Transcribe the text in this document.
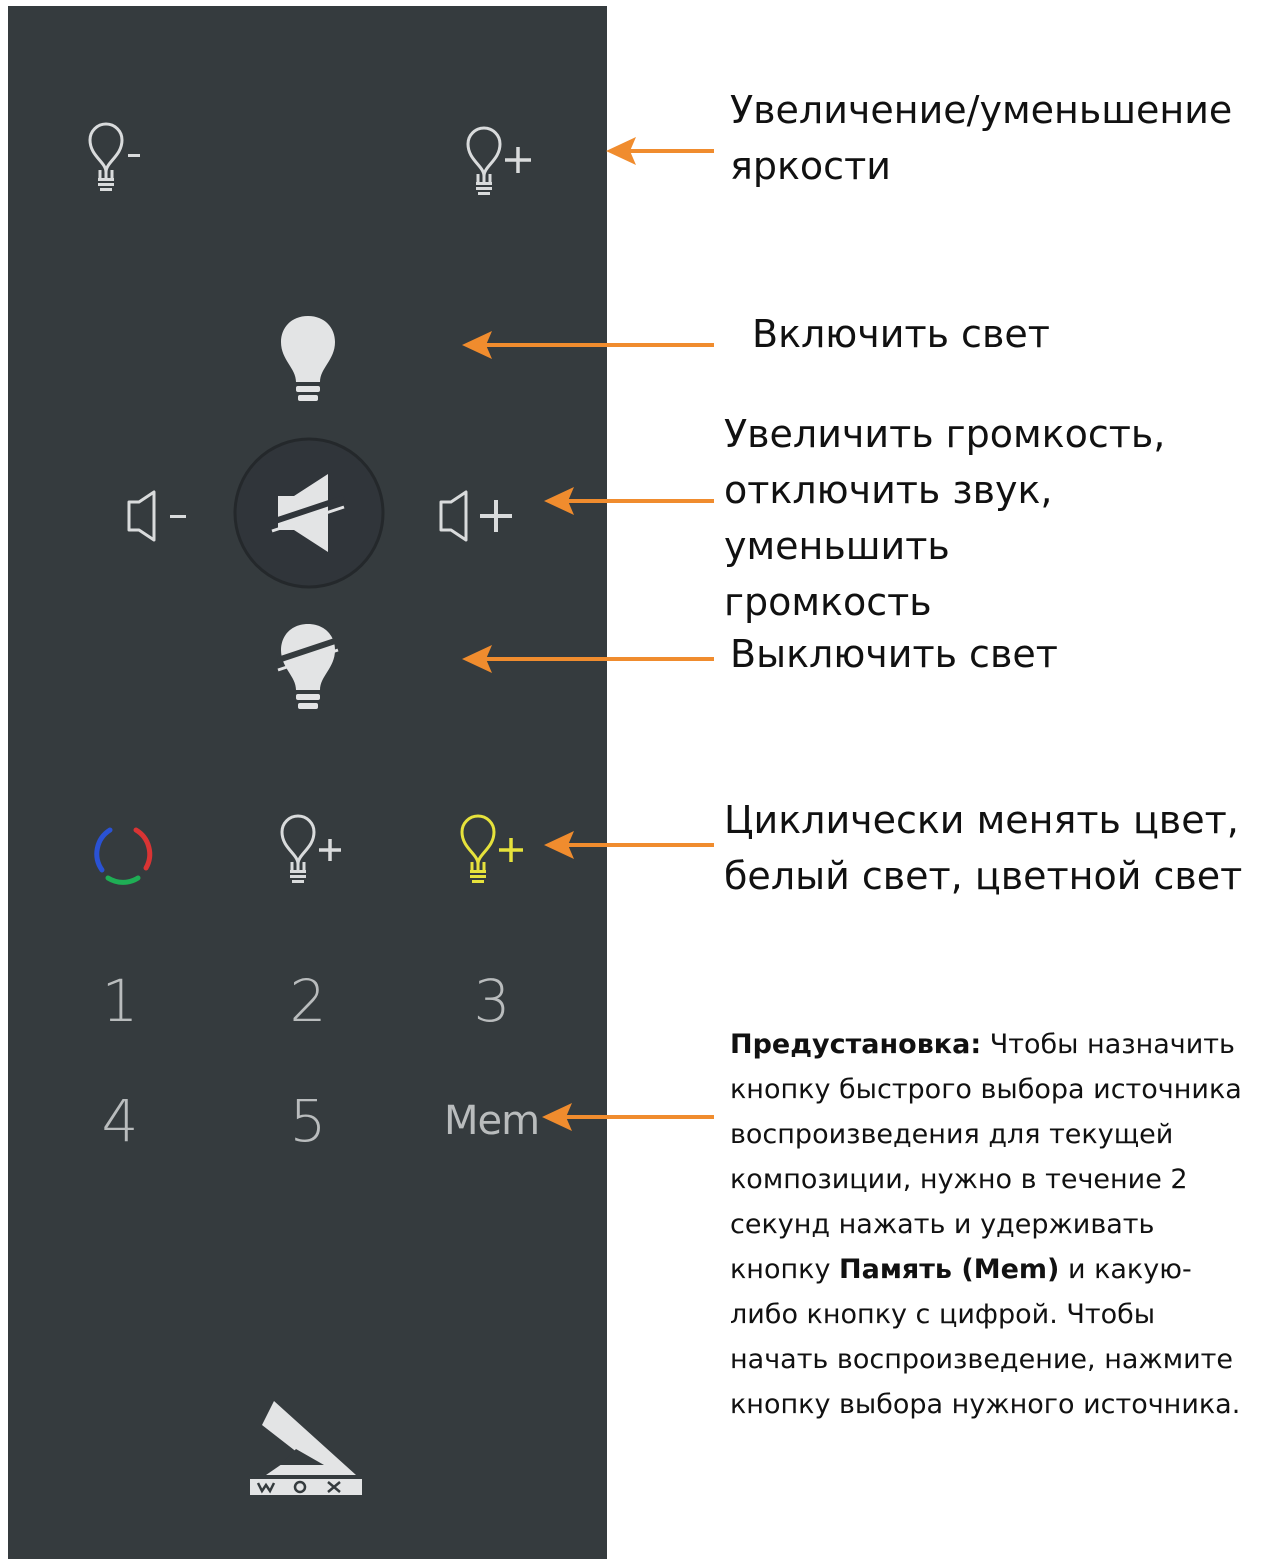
1	2	3
4	5	Mem
Увеличение/уменьшение
яркости
Включить свет
Увеличить громкость,
отключить звук, уменьшить
громкость
Выключить свет
Циклически менять цвет,
белый свет, цветной свет

Предустановка: Чтобы назначить кнопку быстрого выбора источника воспроизведения для текущей композиции, нужно в течение 2 секунд нажать и удерживать кнопку Память (Mem) и какую-либо кнопку с цифрой. Чтобы начать воспроизведение, нажмите кнопку выбора нужного источника.
